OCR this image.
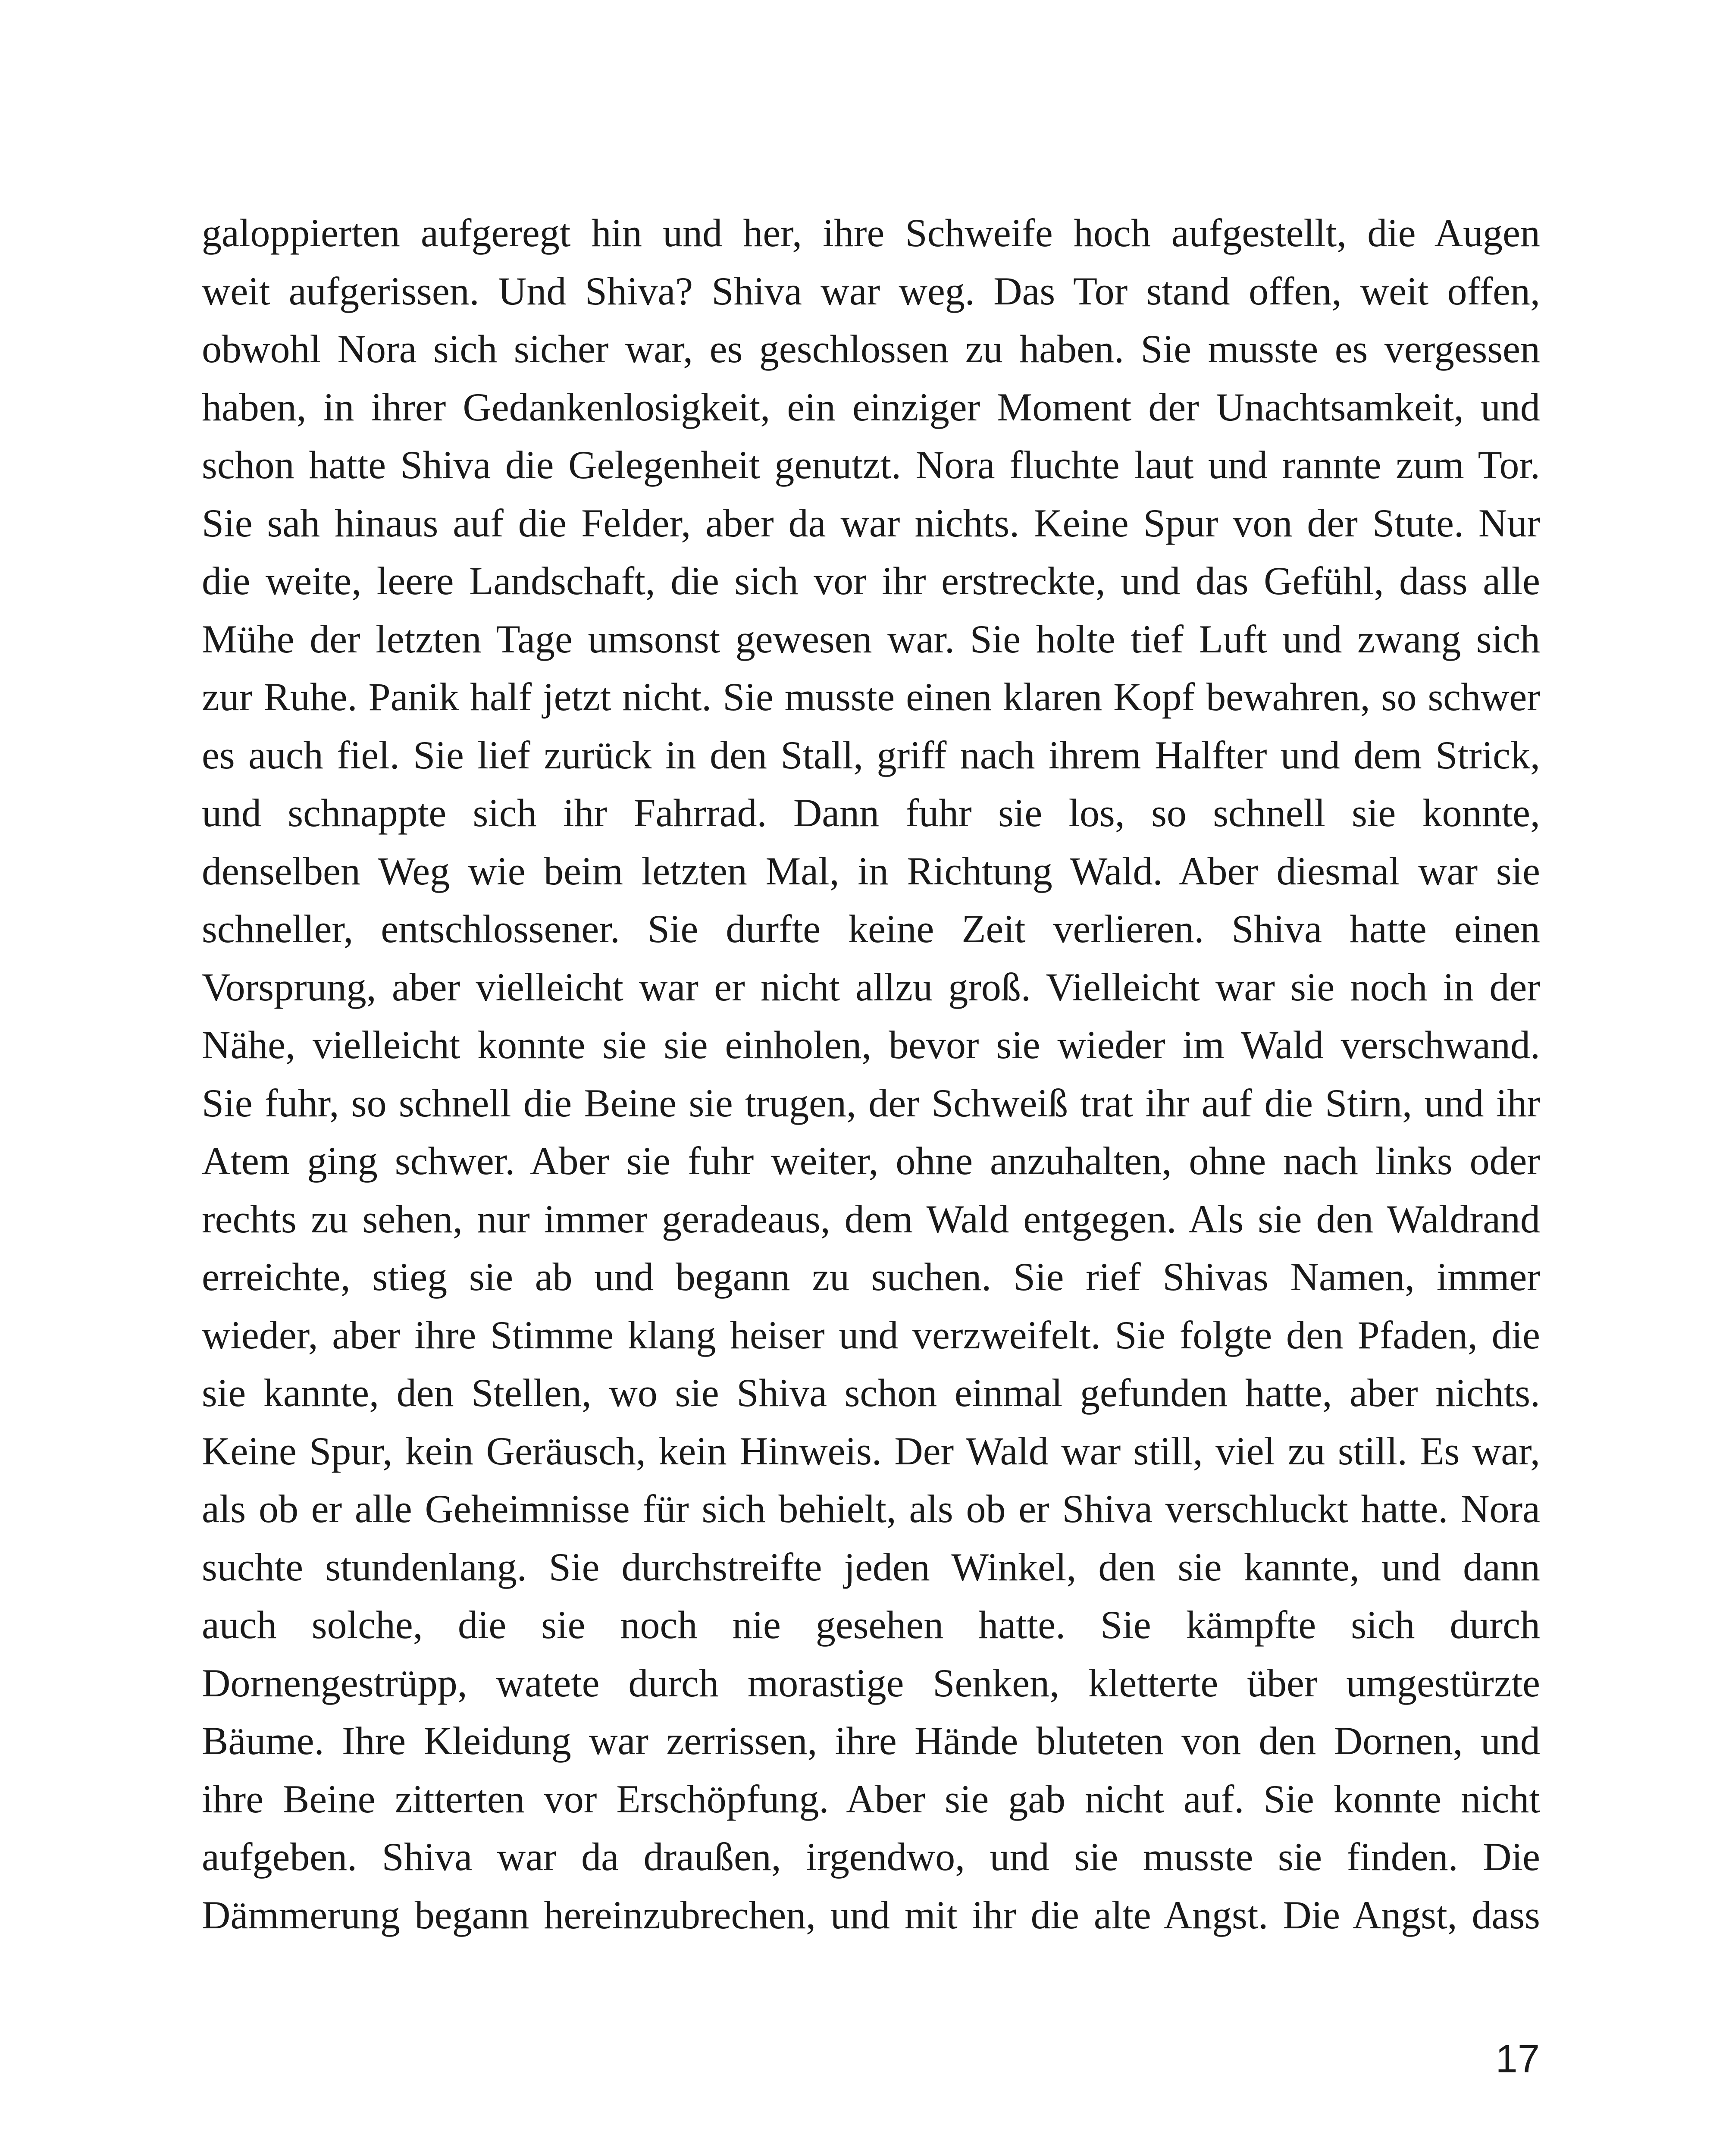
galoppierten aufgeregt hin und her, ihre Schweife hoch aufgestellt, die Augen
weit aufgerissen. Und Shiva? Shiva war weg. Das Tor stand offen, weit offen,
obwohl Nora sich sicher war, es geschlossen zu haben. Sie musste es vergessen
haben, in ihrer Gedankenlosigkeit, ein einziger Moment der Unachtsamkeit, und
schon hatte Shiva die Gelegenheit genutzt. Nora fluchte laut und rannte zum Tor.
Sie sah hinaus auf die Felder, aber da war nichts. Keine Spur von der Stute. Nur
die weite, leere Landschaft, die sich vor ihr erstreckte, und das Gefühl, dass alle
Mühe der letzten Tage umsonst gewesen war. Sie holte tief Luft und zwang sich
zur Ruhe. Panik half jetzt nicht. Sie musste einen klaren Kopf bewahren, so schwer
es auch fiel. Sie lief zurück in den Stall, griff nach ihrem Halfter und dem Strick,
und schnappte sich ihr Fahrrad. Dann fuhr sie los, so schnell sie konnte,
denselben Weg wie beim letzten Mal, in Richtung Wald. Aber diesmal war sie
schneller, entschlossener. Sie durfte keine Zeit verlieren. Shiva hatte einen
Vorsprung, aber vielleicht war er nicht allzu groß. Vielleicht war sie noch in der
Nähe, vielleicht konnte sie sie einholen, bevor sie wieder im Wald verschwand.
Sie fuhr, so schnell die Beine sie trugen, der Schweiß trat ihr auf die Stirn, und ihr
Atem ging schwer. Aber sie fuhr weiter, ohne anzuhalten, ohne nach links oder
rechts zu sehen, nur immer geradeaus, dem Wald entgegen. Als sie den Waldrand
erreichte, stieg sie ab und begann zu suchen. Sie rief Shivas Namen, immer
wieder, aber ihre Stimme klang heiser und verzweifelt. Sie folgte den Pfaden, die
sie kannte, den Stellen, wo sie Shiva schon einmal gefunden hatte, aber nichts.
Keine Spur, kein Geräusch, kein Hinweis. Der Wald war still, viel zu still. Es war,
als ob er alle Geheimnisse für sich behielt, als ob er Shiva verschluckt hatte. Nora
suchte stundenlang. Sie durchstreifte jeden Winkel, den sie kannte, und dann
auch solche, die sie noch nie gesehen hatte. Sie kämpfte sich durch
Dornengestrüpp, watete durch morastige Senken, kletterte über umgestürzte
Bäume. Ihre Kleidung war zerrissen, ihre Hände bluteten von den Dornen, und
ihre Beine zitterten vor Erschöpfung. Aber sie gab nicht auf. Sie konnte nicht
aufgeben. Shiva war da draußen, irgendwo, und sie musste sie finden. Die
Dämmerung begann hereinzubrechen, und mit ihr die alte Angst. Die Angst, dass
17
